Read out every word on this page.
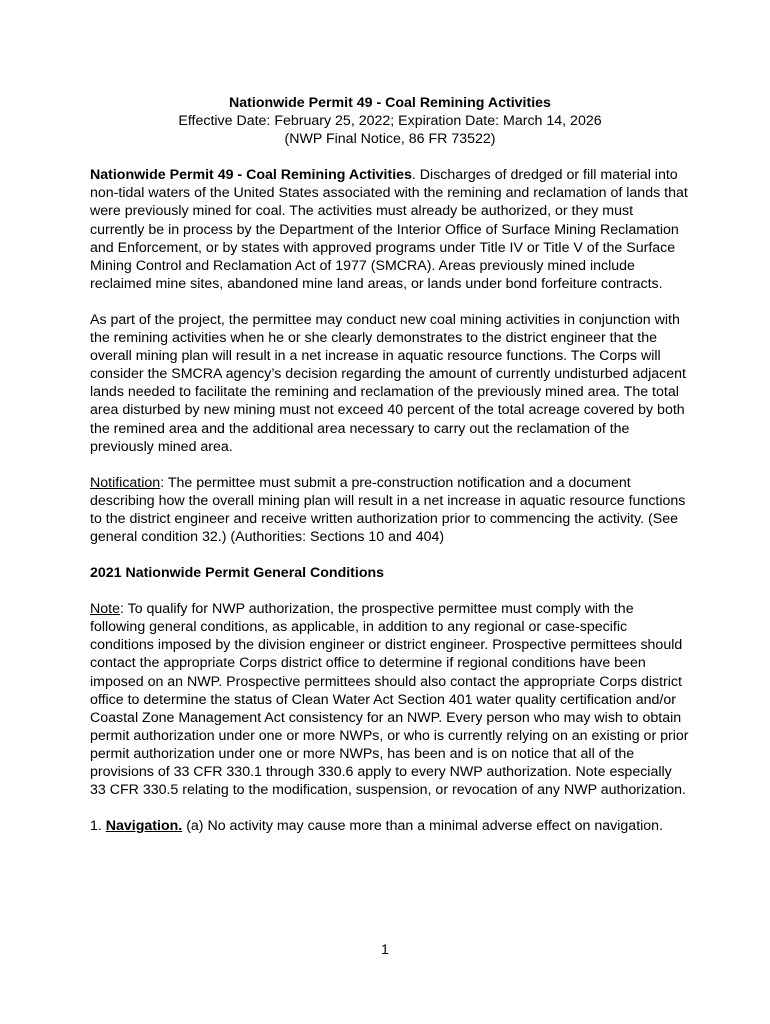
Nationwide Permit 49 - Coal Remining Activities
Effective Date: February 25, 2022; Expiration Date: March 14, 2026
(NWP Final Notice, 86 FR 73522)

Nationwide Permit 49 - Coal Remining Activities. Discharges of dredged or fill material into non-tidal waters of the United States associated with the remining and reclamation of lands that were previously mined for coal. The activities must already be authorized, or they must currently be in process by the Department of the Interior Office of Surface Mining Reclamation and Enforcement, or by states with approved programs under Title IV or Title V of the Surface Mining Control and Reclamation Act of 1977 (SMCRA). Areas previously mined include reclaimed mine sites, abandoned mine land areas, or lands under bond forfeiture contracts.

As part of the project, the permittee may conduct new coal mining activities in conjunction with the remining activities when he or she clearly demonstrates to the district engineer that the overall mining plan will result in a net increase in aquatic resource functions. The Corps will consider the SMCRA agency’s decision regarding the amount of currently undisturbed adjacent lands needed to facilitate the remining and reclamation of the previously mined area. The total area disturbed by new mining must not exceed 40 percent of the total acreage covered by both the remined area and the additional area necessary to carry out the reclamation of the previously mined area.

Notification: The permittee must submit a pre-construction notification and a document describing how the overall mining plan will result in a net increase in aquatic resource functions to the district engineer and receive written authorization prior to commencing the activity. (See general condition 32.) (Authorities: Sections 10 and 404)

2021 Nationwide Permit General Conditions

Note: To qualify for NWP authorization, the prospective permittee must comply with the following general conditions, as applicable, in addition to any regional or case-specific conditions imposed by the division engineer or district engineer. Prospective permittees should contact the appropriate Corps district office to determine if regional conditions have been imposed on an NWP. Prospective permittees should also contact the appropriate Corps district office to determine the status of Clean Water Act Section 401 water quality certification and/or Coastal Zone Management Act consistency for an NWP. Every person who may wish to obtain permit authorization under one or more NWPs, or who is currently relying on an existing or prior permit authorization under one or more NWPs, has been and is on notice that all of the provisions of 33 CFR 330.1 through 330.6 apply to every NWP authorization. Note especially 33 CFR 330.5 relating to the modification, suspension, or revocation of any NWP authorization.

1. Navigation. (a) No activity may cause more than a minimal adverse effect on navigation.

1
